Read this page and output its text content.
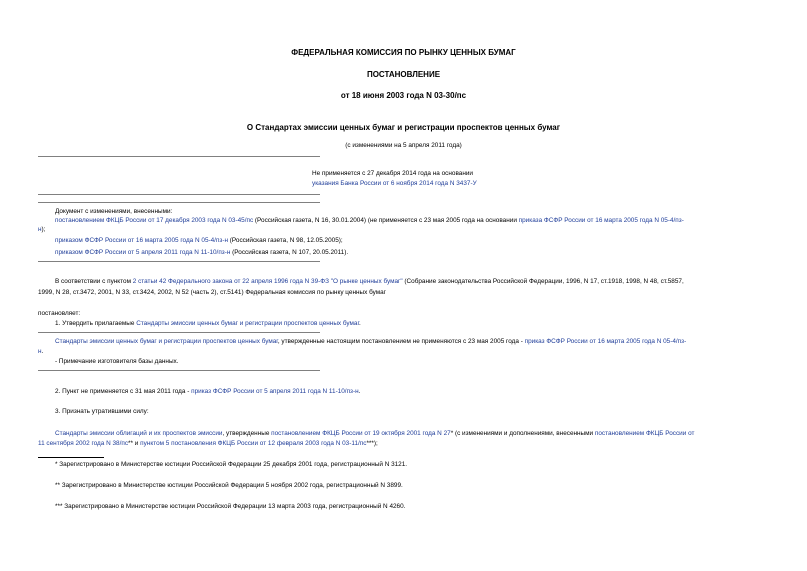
ФЕДЕРАЛЬНАЯ КОМИССИЯ ПО РЫНКУ ЦЕННЫХ БУМАГ
ПОСТАНОВЛЕНИЕ
от 18 июня 2003 года N 03-30/пс
О Стандартах эмиссии ценных бумаг и регистрации проспектов ценных бумаг
(с изменениями на 5 апреля 2011 года)
Не применяется с 27 декабря 2014 года на основании
указания Банка России от 6 ноября 2014 года N 3437-У
Документ с изменениями, внесенными:
постановлением ФКЦБ России от 17 декабря 2003 года N 03-45/пс (Российская газета, N 16, 30.01.2004) (не применяется с 23 мая 2005 года на основании приказа ФСФР России от 16 марта 2005 года N 05-4/пз-
н);
приказом ФСФР России от 16 марта 2005 года N 05-4/пз-н (Российская газета, N 98, 12.05.2005);
приказом ФСФР России от 5 апреля 2011 года N 11-10/пз-н (Российская газета, N 107, 20.05.2011).
В соответствии с пунктом 2 статьи 42 Федерального закона от 22 апреля 1996 года N 39-ФЗ "О рынке ценных бумаг" (Собрание законодательства Российской Федерации, 1996, N 17, ст.1918, 1998, N 48, ст.5857,
1999, N 28, ст.3472, 2001, N 33, ст.3424, 2002, N 52 (часть 2), ст.5141) Федеральная комиссия по рынку ценных бумаг
постановляет:
1. Утвердить прилагаемые Стандарты эмиссии ценных бумаг и регистрации проспектов ценных бумаг.
Стандарты эмиссии ценных бумаг и регистрации проспектов ценных бумаг, утвержденные настоящим постановлением не применяются с 23 мая 2005 года - приказ ФСФР России от 16 марта 2005 года N 05-4/пз-
н.
- Примечание изготовителя базы данных.
2. Пункт не применяется с 31 мая 2011 года - приказ ФСФР России от 5 апреля 2011 года N 11-10/пз-н.
3. Признать утратившими силу:
Стандарты эмиссии облигаций и их проспектов эмиссии, утвержденные постановлением ФКЦБ России от 19 октября 2001 года N 27* (с изменениями и дополнениями, внесенными постановлением ФКЦБ России от
11 сентября 2002 года N 38/пс** и пунктом 5 постановления ФКЦБ России от 12 февраля 2003 года N 03-11/пс***);
* Зарегистрировано в Министерстве юстиции Российской Федерации 25 декабря 2001 года, регистрационный N 3121.
** Зарегистрировано в Министерстве юстиции Российской Федерации 5 ноября 2002 года, регистрационный N 3899.
*** Зарегистрировано в Министерстве юстиции Российской Федерации 13 марта 2003 года, регистрационный N 4260.
